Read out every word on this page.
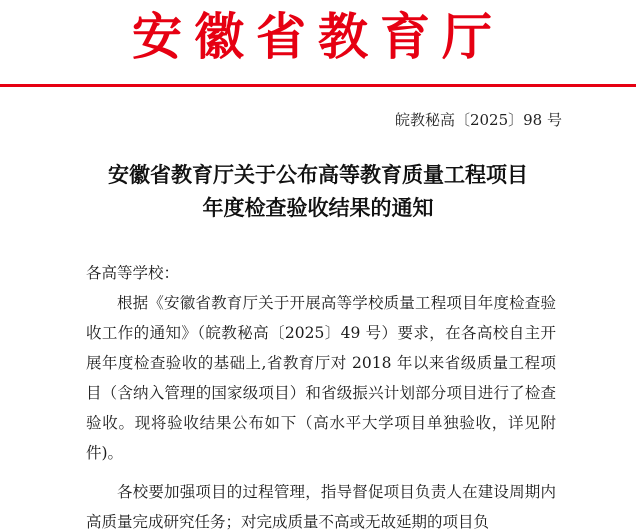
安徽省教育厅
皖教秘高〔2025〕98 号
安徽省教育厅关于公布高等教育质量工程项目
年度检查验收结果的通知

各高等学校：

根据《安徽省教育厅关于开展高等学校质量工程项目年度检查验收工作的通知》（皖教秘高〔2025〕49 号）要求，在各高校自主开展年度检查验收的基础上,省教育厅对 2018 年以来省级质量工程项目（含纳入管理的国家级项目）和省级振兴计划部分项目进行了检查验收。现将验收结果公布如下（高水平大学项目单独验收，详见附件)。

各校要加强项目的过程管理，指导督促项目负责人在建设周期内高质量完成研究任务；对完成质量不高或无故延期的项目负
